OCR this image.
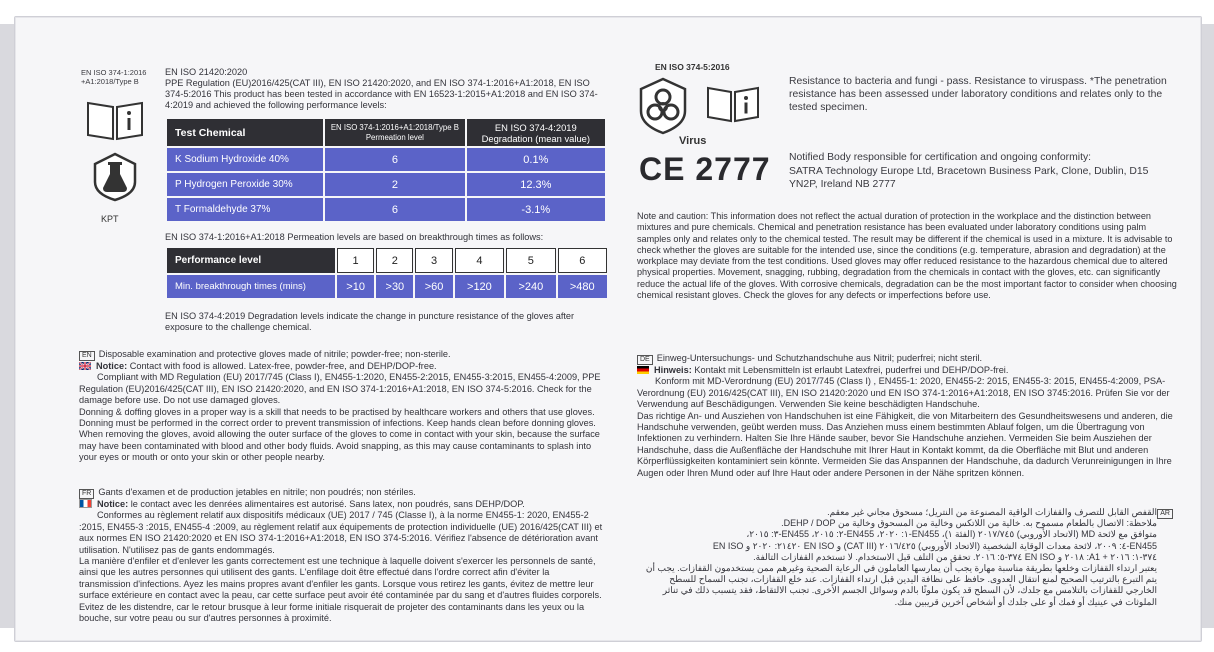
EN ISO 374-1:2016
+A1:2018/Type B
KPT
EN ISO 21420:2020
PPE Regulation (EU)2016/425(CAT III), EN ISO 21420:2020, and EN ISO 374-1:2016+A1:2018, EN ISO 374-5:2016 This product has been tested in accordance with EN 16523-1:2015+A1:2018 and EN ISO 374-4:2019 and achieved the following performance levels:
Test Chemical	EN ISO 374-1:2016+A1:2018/Type B Permeation level	EN ISO 374-4:2019 Degradation (mean value)
K Sodium Hydroxide 40%	6	0.1%
P Hydrogen Peroxide 30%	2	12.3%
T Formaldehyde 37%	6	-3.1%
EN ISO 374-1:2016+A1:2018 Permeation levels are based on breakthrough times as follows:
Performance level	1	2	3	4	5	6
Min. breakthrough times (mins)	>10	>30	>60	>120	>240	>480
EN ISO 374-4:2019 Degradation levels indicate the change in puncture resistance of the gloves after exposure to the challenge chemical.
EN ISO 374-5:2016
Virus
CE 2777
Resistance to bacteria and fungi - pass. Resistance to viruspass. *The penetration resistance has been assessed under laboratory conditions and relates only to the tested specimen.
Notified Body responsible for certification and ongoing conformity:
SATRA Technology Europe Ltd, Bracetown Business Park, Clone, Dublin, D15 YN2P, Ireland NB 2777
Note and caution: This information does not reflect the actual duration of protection in the workplace and the distinction between mixtures and pure chemicals. Chemical and penetration resistance has been evaluated under laboratory conditions using palm samples only and relates only to the chemical tested. The result may be different if the chemical is used in a mixture. It is advisable to check whether the gloves are suitable for the intended use, since the conditions (e.g. temperature, abrasion and degradation) at the workplace may deviate from the test conditions. Used gloves may offer reduced resistance to the hazardous chemical due to altered physical properties. Movement, snagging, rubbing, degradation from the chemicals in contact with the gloves, etc. can significantly reduce the actual life of the gloves. With corrosive chemicals, degradation can be the most important factor to consider when choosing chemical resistant gloves. Check the gloves for any defects or imperfections before use.
EN Disposable examination and protective gloves made of nitrile; powder-free; non-sterile.
Notice: Contact with food is allowed. Latex-free, powder-free, and DEHP/DOP-free.
Compliant with MD Regulation (EU) 2017/745 (Class I), EN455-1:2020, EN455-2:2015, EN455-3:2015, EN455-4:2009, PPE Regulation (EU)2016/425(CAT III), EN ISO 21420:2020, and EN ISO 374-1:2016+A1:2018, EN ISO 374-5:2016. Check for the damage before use. Do not use damaged gloves.
Donning & doffing gloves in a proper way is a skill that needs to be practised by healthcare workers and others that use gloves. Donning must be performed in the correct order to prevent transmission of infections. Keep hands clean before donning gloves. When removing the gloves, avoid allowing the outer surface of the gloves to come in contact with your skin, because the surface may have been contaminated with blood and other body fluids. Avoid snapping, as this may cause contaminants to splash into your eyes or mouth or onto your skin or other people nearby.
FR Gants d'examen et de production jetables en nitrile; non poudrés; non stériles.
Notice: le contact avec les denrées alimentaires est autorisé. Sans latex, non poudrés, sans DEHP/DOP.
Conformes au règlement relatif aux dispositifs médicaux (UE) 2017 / 745 (Classe I), à la norme EN455-1: 2020, EN455-2 :2015, EN455-3 :2015, EN455-4 :2009, au règlement relatif aux équipements de protection individuelle (UE) 2016/425(CAT III) et aux normes EN ISO 21420:2020 et EN ISO 374-1:2016+A1:2018, EN ISO 374-5:2016. Vérifiez l'absence de détérioration avant utilisation. N'utilisez pas de gants endommagés.
La manière d'enfiler et d'enlever les gants correctement est une technique à laquelle doivent s'exercer les personnels de santé, ainsi que les autres personnes qui utilisent des gants. L'enfilage doit être effectué dans l'ordre correct afin d'éviter la transmission d'infections. Ayez les mains propres avant d'enfiler les gants. Lorsque vous retirez les gants, évitez de mettre leur surface extérieure en contact avec la peau, car cette surface peut avoir été contaminée par du sang et d'autres fluides corporels. Evitez de les distendre, car le retour brusque à leur forme initiale risquerait de projeter des contaminants dans les yeux ou la bouche, sur votre peau ou sur d'autres personnes à proximité.
DE Einweg-Untersuchungs- und Schutzhandschuhe aus Nitril; puderfrei; nicht steril.
Hinweis: Kontakt mit Lebensmitteln ist erlaubt Latexfrei, puderfrei und DEHP/DOP-frei.
Konform mit MD-Verordnung (EU) 2017/745 (Class I) , EN455-1: 2020, EN455-2: 2015, EN455-3: 2015, EN455-4:2009, PSA-Verordnung (EU) 2016/425(CAT III), EN ISO 21420:2020 und EN ISO 374-1:2016+A1:2018, EN ISO 3745:2016. Prüfen Sie vor der Verwendung auf Beschädigungen. Verwenden Sie keine beschädigten Handschuhe.
Das richtige An- und Ausziehen von Handschuhen ist eine Fähigkeit, die von Mitarbeitern des Gesundheitswesens und anderen, die Handschuhe verwenden, geübt werden muss. Das Anziehen muss einem bestimmten Ablauf folgen, um die Übertragung von Infektionen zu verhindern. Halten Sie Ihre Hände sauber, bevor Sie Handschuhe anziehen. Vermeiden Sie beim Ausziehen der Handschuhe, dass die Außenfläche der Handschuhe mit Ihrer Haut in Kontakt kommt, da die Oberfläche mit Blut und anderen Körperflüssigkeiten kontaminiert sein könnte. Vermeiden Sie das Anspannen der Handschuhe, da dadurch Verunreinigungen in Ihre Augen oder Ihren Mund oder auf Ihre Haut oder andere Personen in der Nähe spritzen können.
AR
القفص القابل للتصرف والقفازات الواقية المصنوعة من النتريل؛ مسحوق مجاني غير معقم.
ملاحظة: الاتصال بالطعام مسموح به. خالية من اللاتكس وخالية من المسحوق وخالية من DEHP / DOP.
متوافق مع لائحة MD (الاتحاد الأوروبي) ٢٠١٧/٧٤٥ (الفئة ١)، EN455-١: ٢٠٢٠، EN455-٢: ٢٠١٥، EN455-٣: ٢٠١٥،
EN455-٤: ٢٠٠٩، لائحة معدات الوقاية الشخصية (الاتحاد الأوروبي) ٢٠١٦/٤٢٥ (CAT III) و EN ISO ٢١٤٢٠: ٢٠٢٠ و EN ISO
٣٧٤-١: ٢٠١٦ + A1: ٢٠١٨ و EN ISO ٣٧٤-٥: ٢٠١٦. تحقق من التلف قبل الاستخدام. لا تستخدم القفازات التالفة.
يعتبر ارتداء القفازات وخلعها بطريقة مناسبة مهارة يجب أن يمارسها العاملون في الرعاية الصحية وغيرهم ممن يستخدمون القفازات. يجب أن يتم التبرع بالترتيب الصحيح لمنع انتقال العدوى. حافظ على نظافة اليدين قبل ارتداء القفازات. عند خلع القفازات، تجنب السماح للسطح الخارجي للقفازات بالتلامس مع جلدك، لأن السطح قد يكون ملوثًا بالدم وسوائل الجسم الأخرى. تجنب الالتقاط، فقد يتسبب ذلك في تناثر الملوثات في عينيك أو فمك أو على جلدك أو أشخاص آخرين قريبين منك.
